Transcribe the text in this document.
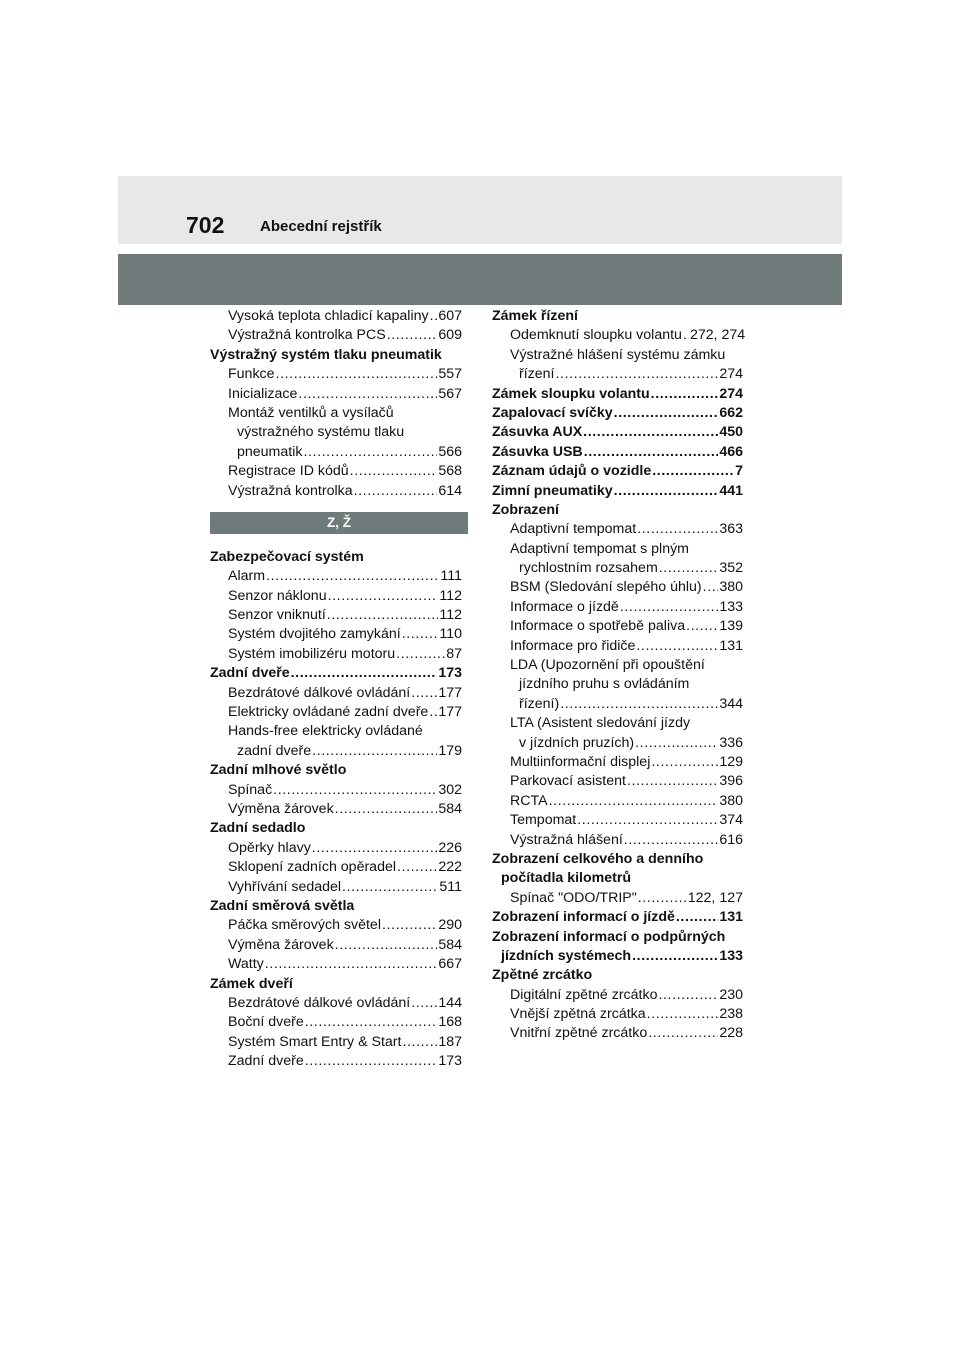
702 Abecední rejstřík
Vysoká teplota chladicí kapaliny ..... 607
Výstražná kontrolka PCS .....	609
Výstražný systém tlaku pneumatik
Funkce .....	557
Inicializace .....	567
Montáž ventilků a vysílačů
výstražného systému tlaku
pneumatik .....	566
Registrace ID kódů .....	568
Výstražná kontrolka .....	614
Z, Ž
Zabezpečovací systém
Alarm .....	111
Senzor náklonu .....	112
Senzor vniknutí .....	112
Systém dvojitého zamykání .....	110
Systém imobilizéru motoru .....	87
Zadní dveře .....	173
Bezdrátové dálkové ovládání ..... 177
Elektricky ovládané zadní dveře ..... 177
Hands-free elektricky ovládané
zadní dveře .....	179
Zadní mlhové světlo
Spínač .....	302
Výměna žárovek .....	584
Zadní sedadlo
Opěrky hlavy .....	226
Sklopení zadních opěradel .....	222
Vyhřívání sedadel .....	511
Zadní směrová světla
Páčka směrových světel .....	290
Výměna žárovek .....	584
Watty .....	667
Zámek dveří
Bezdrátové dálkové ovládání ..... 144
Boční dveře .....	168
Systém Smart Entry & Start .....	187
Zadní dveře .....	173
Zámek řízení
Odemknutí sloupku volantu ..... 272, 274
Výstražné hlášení systému zámku
řízení .....	274
Zámek sloupku volantu .....	274
Zapalovací svíčky .....	662
Zásuvka AUX .....	450
Zásuvka USB .....	466
Záznam údajů o vozidle .....	7
Zimní pneumatiky .....	441
Zobrazení
Adaptivní tempomat .....	363
Adaptivní tempomat s plným
rychlostním rozsahem .....	352
BSM (Sledování slepého úhlu) ..... 380
Informace o jízdě .....	133
Informace o spotřebě paliva ..... 139
Informace pro řidiče .....	131
LDA (Upozornění při opouštění
jízdního pruhu s ovládáním
řízení) .....	344
LTA (Asistent sledování jízdy
v jízdních pruzích) .....	336
Multiinformační displej .....	129
Parkovací asistent .....	396
RCTA .....	380
Tempomat .....	374
Výstražná hlášení .....	616
Zobrazení celkového a denního
počítadla kilometrů
Spínač "ODO/TRIP" .....	122, 127
Zobrazení informací o jízdě .....	131
Zobrazení informací o podpůrných
jízdních systémech .....	133
Zpětné zrcátko
Digitální zpětné zrcátko .....	230
Vnější zpětná zrcátka .....	238
Vnitřní zpětné zrcátko .....	228
